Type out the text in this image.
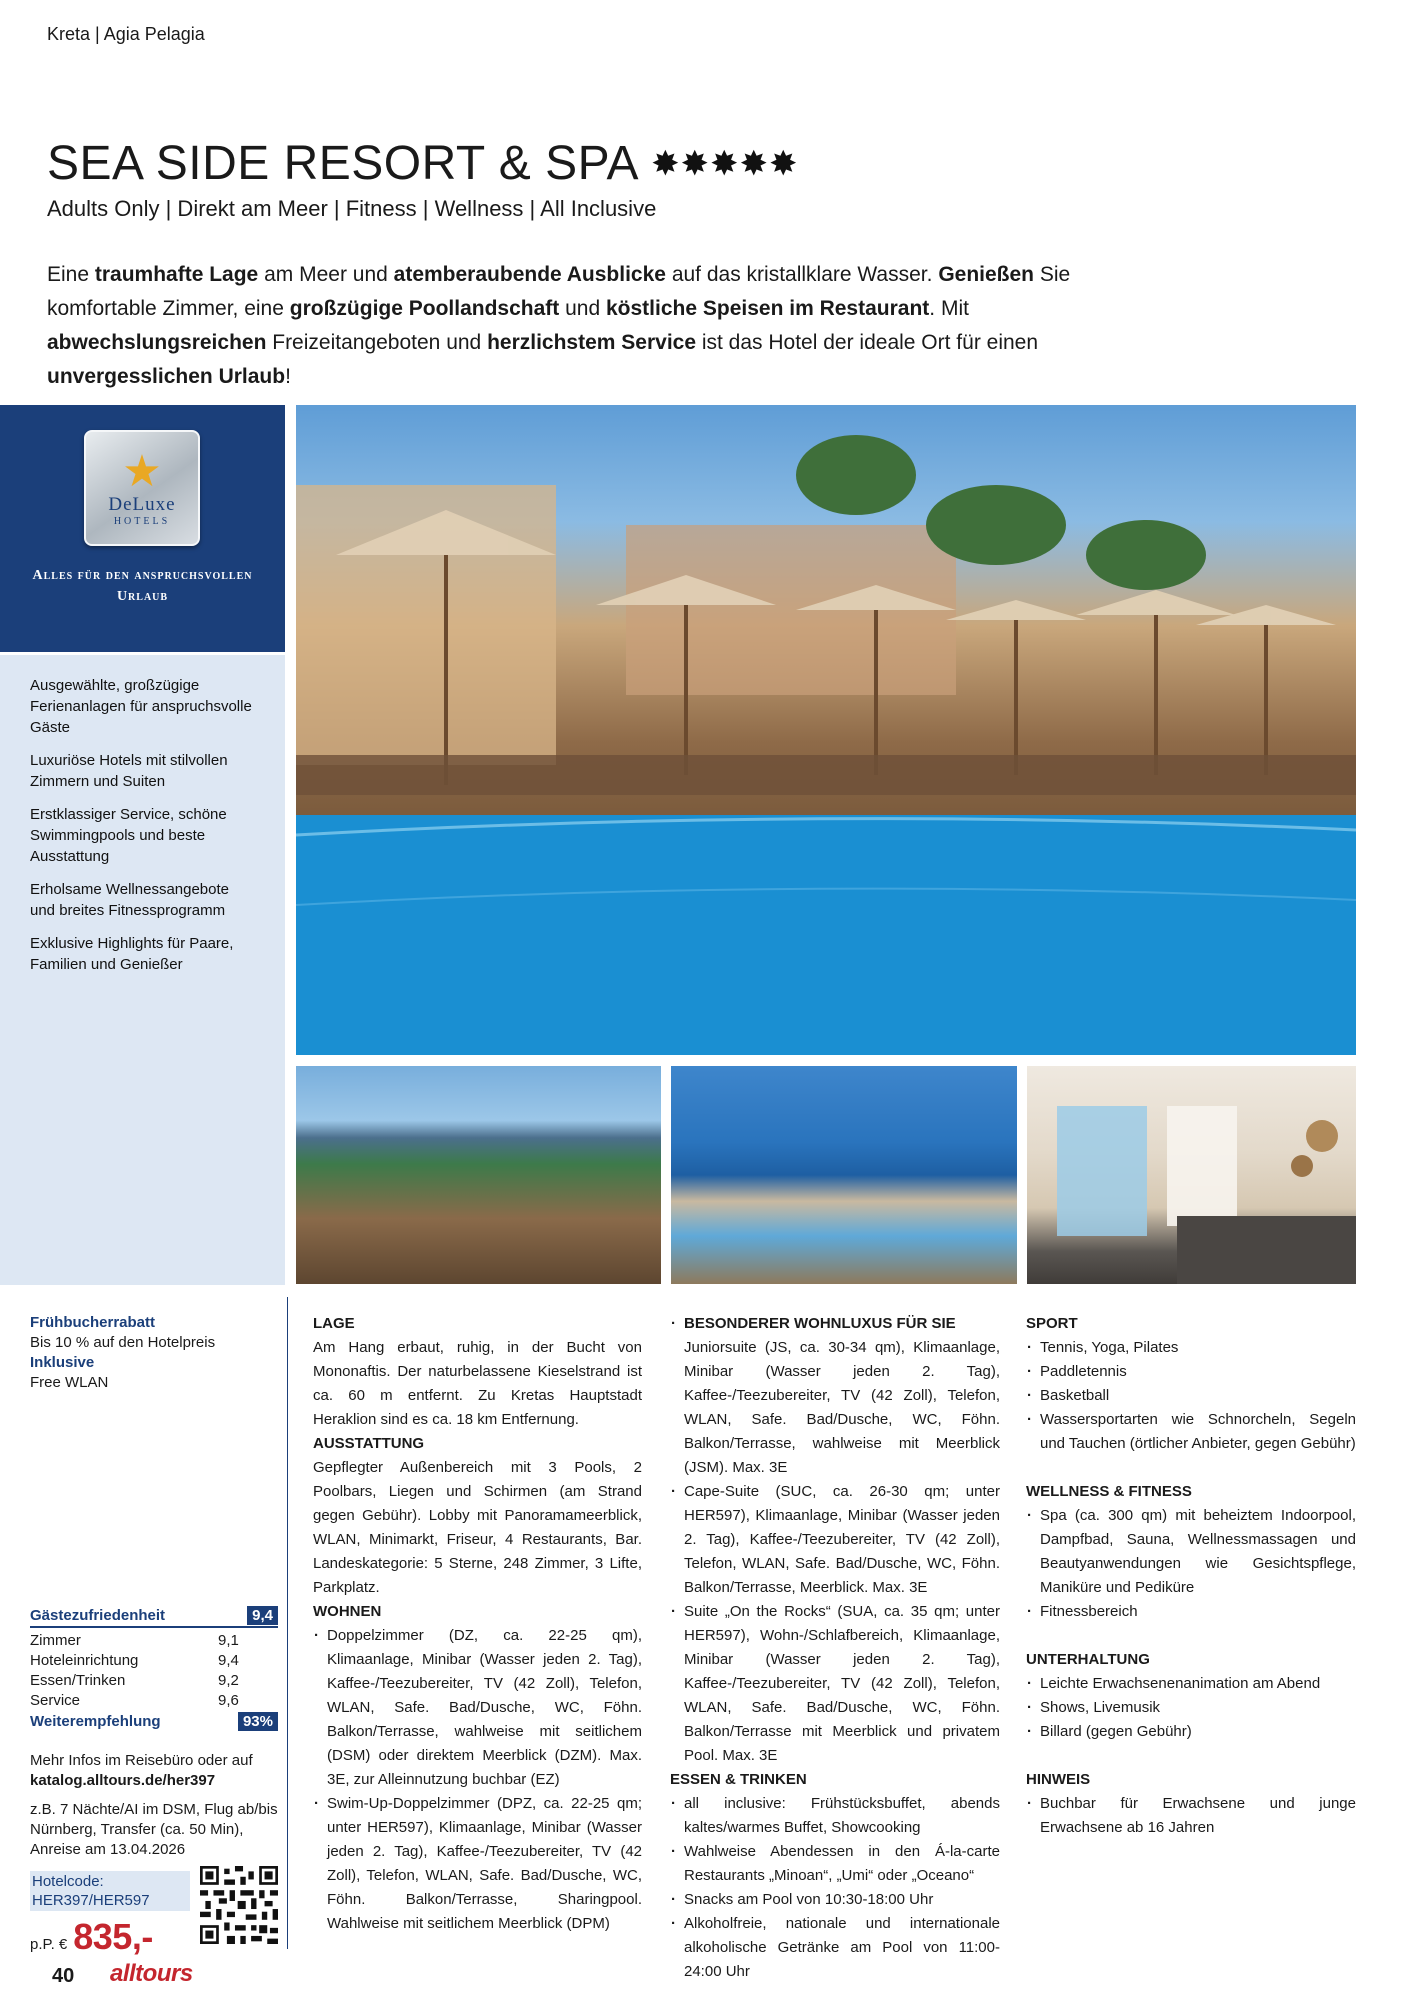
Kreta | Agia Pelagia
SEA SIDE RESORT & SPA ✸✸✸✸✸
Adults Only | Direkt am Meer | Fitness | Wellness | All Inclusive
Eine traumhafte Lage am Meer und atemberaubende Ausblicke auf das kristallklare Wasser. Genießen Sie komfortable Zimmer, eine großzügige Poollandschaft und köstliche Speisen im Restaurant. Mit abwechslungsreichen Freizeitangeboten und herzlichstem Service ist das Hotel der ideale Ort für einen unvergesslichen Urlaub!
★
DeLuxe
HOTELS
Alles für den anspruchsvollen Urlaub
Ausgewählte, großzügige Ferienanlagen für anspruchsvolle Gäste
Luxuriöse Hotels mit stilvollen Zimmern und Suiten
Erstklassiger Service, schöne Swimmingpools und beste Ausstattung
Erholsame Wellnessangebote und breites Fitnessprogramm
Exklusive Highlights für Paare, Familien und Genießer
Frühbucherrabatt
Bis 10 % auf den Hotelpreis
Inklusive
Free WLAN
Gästezufriedenheit	9,4
Zimmer	9,1
Hoteleinrichtung	9,4
Essen/Trinken	9,2
Service	9,6
Weiterempfehlung	93%
Mehr Infos im Reisebüro oder auf
katalog.alltours.de/her397
z.B. 7 Nächte/AI im DSM, Flug ab/bis Nürnberg, Transfer (ca. 50 Min), Anreise am 13.04.2026
Hotelcode:
HER397/HER597
p.P. € 835,-
40 alltours
LAGE

Am Hang erbaut, ruhig, in der Bucht von Mononaftis. Der naturbelassene Kieselstrand ist ca. 60 m entfernt. Zu Kretas Hauptstadt Heraklion sind es ca. 18 km Entfernung.

AUSSTATTUNG

Gepflegter Außenbereich mit 3 Pools, 2 Poolbars, Liegen und Schirmen (am Strand gegen Gebühr). Lobby mit Panoramameerblick, WLAN, Minimarkt, Friseur, 4 Restaurants, Bar. Landeskategorie: 5 Sterne, 248 Zimmer, 3 Lifte, Parkplatz.

WOHNEN
· Doppelzimmer (DZ, ca. 22-25 qm), Klimaanlage, Minibar (Wasser jeden 2. Tag), Kaffee-/Teezubereiter, TV (42 Zoll), Telefon, WLAN, Safe. Bad/Dusche, WC, Föhn. Balkon/Terrasse, wahlweise mit seitlichem (DSM) oder direktem Meerblick (DZM). Max. 3E, zur Alleinnutzung buchbar (EZ)
· Swim-Up-Doppelzimmer (DPZ, ca. 22-25 qm; unter HER597), Klimaanlage, Minibar (Wasser jeden 2. Tag), Kaffee-/Teezubereiter, TV (42 Zoll), Telefon, WLAN, Safe. Bad/Dusche, WC, Föhn. Balkon/Terrasse, Sharingpool. Wahlweise mit seitlichem Meerblick (DPM)
· BESONDERER WOHNLUXUS FÜR SIE
Juniorsuite (JS, ca. 30-34 qm), Klimaanlage, Minibar (Wasser jeden 2. Tag), Kaffee-/Teezubereiter, TV (42 Zoll), Telefon, WLAN, Safe. Bad/Dusche, WC, Föhn. Balkon/Terrasse, wahlweise mit Meerblick (JSM). Max. 3E
· Cape-Suite (SUC, ca. 26-30 qm; unter HER597), Klimaanlage, Minibar (Wasser jeden 2. Tag), Kaffee-/Teezubereiter, TV (42 Zoll), Telefon, WLAN, Safe. Bad/Dusche, WC, Föhn. Balkon/Terrasse, Meerblick. Max. 3E
· Suite „On the Rocks“ (SUA, ca. 35 qm; unter HER597), Wohn-/Schlafbereich, Klimaanlage, Minibar (Wasser jeden 2. Tag), Kaffee-/Teezubereiter, TV (42 Zoll), Telefon, WLAN, Safe. Bad/Dusche, WC, Föhn. Balkon/Terrasse mit Meerblick und privatem Pool. Max. 3E
ESSEN & TRINKEN
· all inclusive: Frühstücksbuffet, abends kaltes/warmes Buffet, Showcooking
· Wahlweise Abendessen in den Á-la-carte Restaurants „Minoan“, „Umi“ oder „Oceano“
· Snacks am Pool von 10:30-18:00 Uhr
· Alkoholfreie, nationale und internationale alkoholische Getränke am Pool von 11:00-24:00 Uhr
SPORT
· Tennis, Yoga, Pilates
· Paddletennis
· Basketball
· Wassersportarten wie Schnorcheln, Segeln und Tauchen (örtlicher Anbieter, gegen Gebühr)
WELLNESS & FITNESS
· Spa (ca. 300 qm) mit beheiztem Indoorpool, Dampfbad, Sauna, Wellnessmassagen und Beautyanwendungen wie Gesichtspflege, Maniküre und Pediküre
· Fitnessbereich
UNTERHALTUNG
· Leichte Erwachsenenanimation am Abend
· Shows, Livemusik
· Billard (gegen Gebühr)
HINWEIS
· Buchbar für Erwachsene und junge Erwachsene ab 16 Jahren
